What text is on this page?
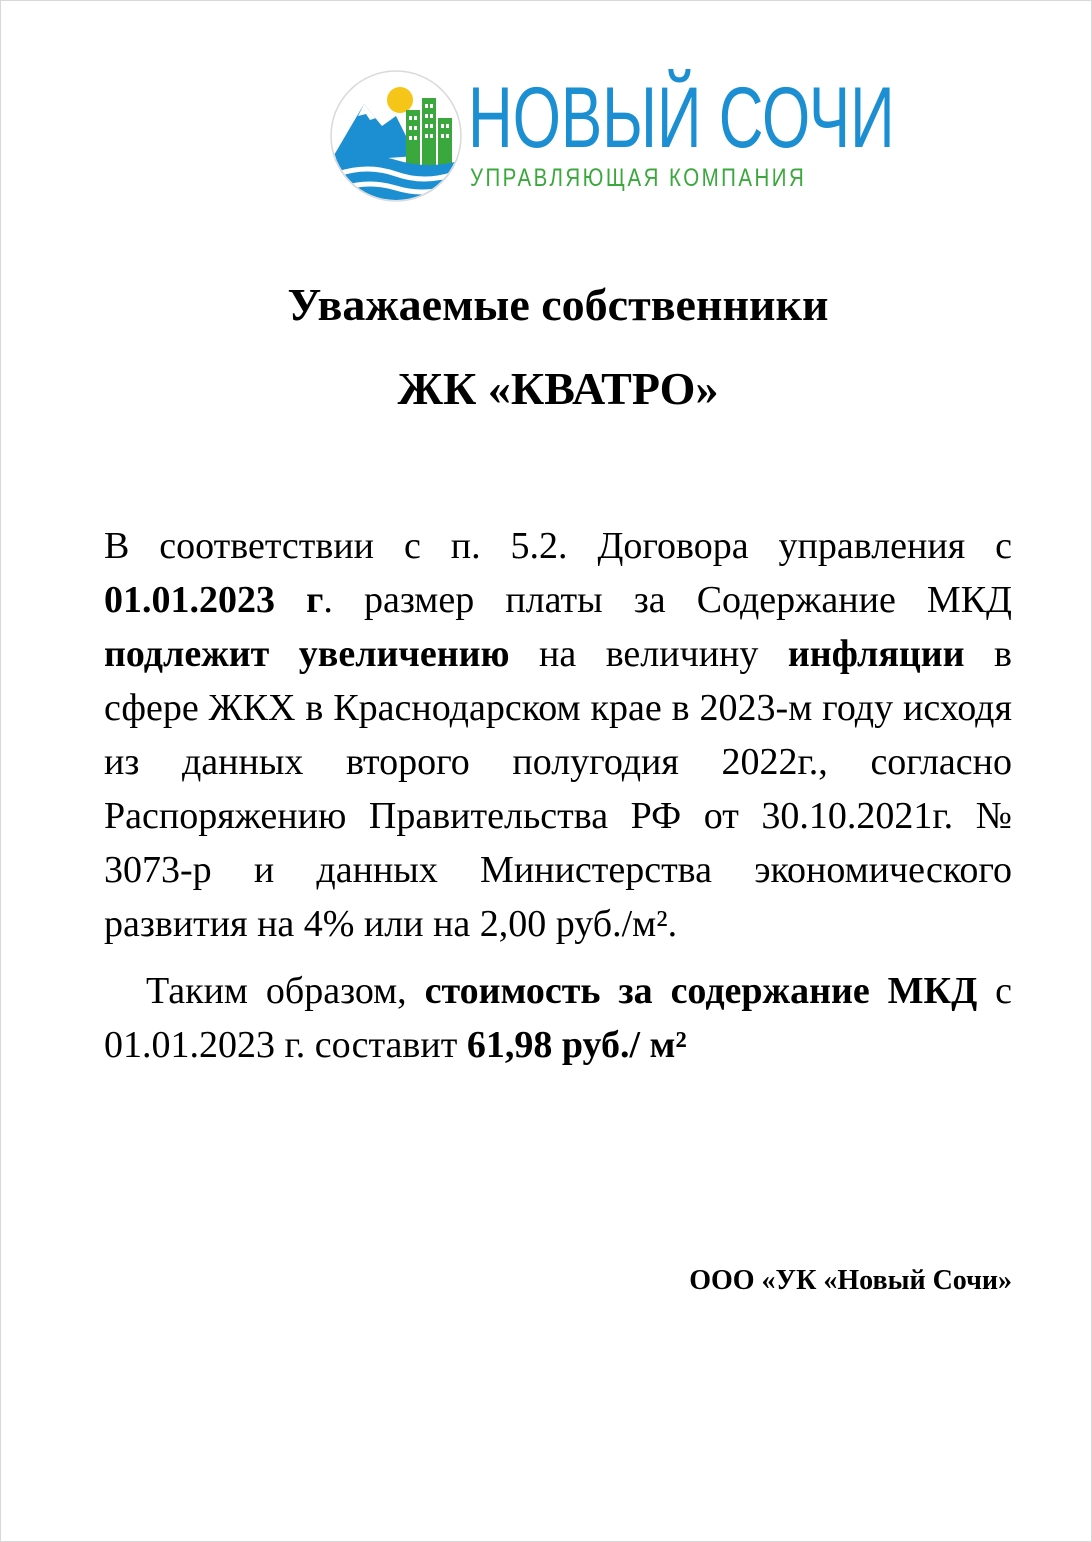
НОВЫЙ СОЧИ
УПРАВЛЯЮЩАЯ КОМПАНИЯ
Уважаемые собственники
ЖК «КВАТРО»
В соответствии с п. 5.2. Договора управления с 01.01.2023 г. размер платы за Содержание МКД подлежит увеличению на величину инфляции в сфере ЖКХ в Краснодарском крае в 2023-м году исходя из данных второго полугодия 2022г., согласно Распоряжению Правительства РФ от 30.10.2021г. № 3073-р и данных Министерства экономического развития на 4% или на 2,00 руб./м².
Таким образом, стоимость за содержание МКД с 01.01.2023 г. составит 61,98 руб./ м²
ООО «УК «Новый Сочи»
